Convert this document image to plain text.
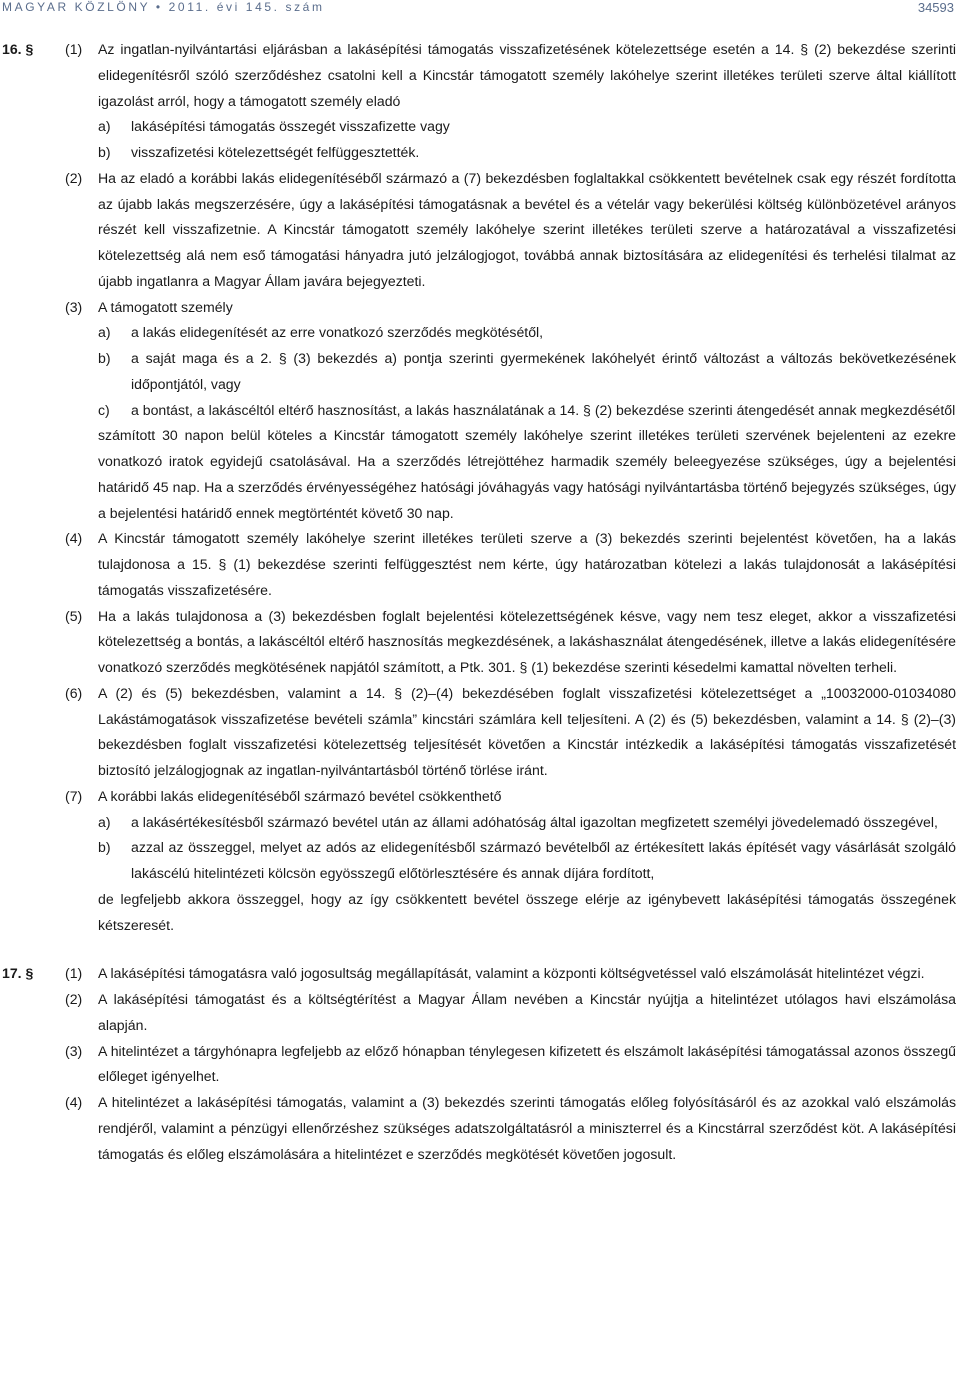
MAGYAR KÖZLÖNY • 2011. évi 145. szám	34593
16. § (1) Az ingatlan-nyilvántartási eljárásban a lakásépítési támogatás visszafizetésének kötelezettsége esetén a 14. § (2) bekezdése szerinti elidegenítésről szóló szerződéshez csatolni kell a Kincstár támogatott személy lakóhelye szerint illetékes területi szerve által kiállított igazolást arról, hogy a támogatott személy eladó
a) lakásépítési támogatás összegét visszafizette vagy
b) visszafizetési kötelezettségét felfüggesztették.
(2) Ha az eladó a korábbi lakás elidegenítéséből származó a (7) bekezdésben foglaltakkal csökkentett bevételnek csak egy részét fordította az újabb lakás megszerzésére, úgy a lakásépítési támogatásnak a bevétel és a vételár vagy bekerülési költség különbözetével arányos részét kell visszafizetnie. A Kincstár támogatott személy lakóhelye szerint illetékes területi szerve a határozatával a visszafizetési kötelezettség alá nem eső támogatási hányadra jutó jelzálogjogot, továbbá annak biztosítására az elidegenítési és terhelési tilalmat az újabb ingatlanra a Magyar Állam javára bejegyezteti.
(3) A támogatott személy
a) a lakás elidegenítését az erre vonatkozó szerződés megkötésétől,
b) a saját maga és a 2. § (3) bekezdés a) pontja szerinti gyermekének lakóhelyét érintő változást a változás bekövetkezésének időpontjától, vagy
c) a bontást, a lakáscéltól eltérő hasznosítást, a lakás használatának a 14. § (2) bekezdése szerinti átengedését annak megkezdésétől
számított 30 napon belül köteles a Kincstár támogatott személy lakóhelye szerint illetékes területi szervének bejelenteni az ezekre vonatkozó iratok egyidejű csatolásával. Ha a szerződés létrejöttéhez harmadik személy beleegyezése szükséges, úgy a bejelentési határidő 45 nap. Ha a szerződés érvényességéhez hatósági jóváhagyás vagy hatósági nyilvántartásba történő bejegyzés szükséges, úgy a bejelentési határidő ennek megtörténtét követő 30 nap.
(4) A Kincstár támogatott személy lakóhelye szerint illetékes területi szerve a (3) bekezdés szerinti bejelentést követően, ha a lakás tulajdonosa a 15. § (1) bekezdése szerinti felfüggesztést nem kérte, úgy határozatban kötelezi a lakás tulajdonosát a lakásépítési támogatás visszafizetésére.
(5) Ha a lakás tulajdonosa a (3) bekezdésben foglalt bejelentési kötelezettségének késve, vagy nem tesz eleget, akkor a visszafizetési kötelezettség a bontás, a lakáscéltól eltérő hasznosítás megkezdésének, a lakáshasználat átengedésének, illetve a lakás elidegenítésére vonatkozó szerződés megkötésének napjától számított, a Ptk. 301. § (1) bekezdése szerinti késedelmi kamattal növelten terheli.
(6) A (2) és (5) bekezdésben, valamint a 14. § (2)–(4) bekezdésében foglalt visszafizetési kötelezettséget a „10032000-01034080 Lakástámogatások visszafizetése bevételi számla” kincstári számlára kell teljesíteni. A (2) és (5) bekezdésben, valamint a 14. § (2)–(3) bekezdésben foglalt visszafizetési kötelezettség teljesítését követően a Kincstár intézkedik a lakásépítési támogatás visszafizetését biztosító jelzálogjognak az ingatlan-nyilvántartásból történő törlése iránt.
(7) A korábbi lakás elidegenítéséből származó bevétel csökkenthető
a) a lakásértékesítésből származó bevétel után az állami adóhatóság által igazoltan megfizetett személyi jövedelemadó összegével,
b) azzal az összeggel, melyet az adós az elidegenítésből származó bevételből az értékesített lakás építését vagy vásárlását szolgáló lakáscélú hitelintézeti kölcsön egyösszegű előtörlesztésére és annak díjára fordított,
de legfeljebb akkora összeggel, hogy az így csökkentett bevétel összege elérje az igénybevett lakásépítési támogatás összegének kétszeresét.
17. § (1) A lakásépítési támogatásra való jogosultság megállapítását, valamint a központi költségvetéssel való elszámolását hitelintézet végzi.
(2) A lakásépítési támogatást és a költségtérítést a Magyar Állam nevében a Kincstár nyújtja a hitelintézet utólagos havi elszámolása alapján.
(3) A hitelintézet a tárgyhónapra legfeljebb az előző hónapban ténylegesen kifizetett és elszámolt lakásépítési támogatással azonos összegű előleget igényelhet.
(4) A hitelintézet a lakásépítési támogatás, valamint a (3) bekezdés szerinti támogatás előleg folyósításáról és az azokkal való elszámolás rendjéről, valamint a pénzügyi ellenőrzéshez szükséges adatszolgáltatásról a miniszterrel és a Kincstárral szerződést köt. A lakásépítési támogatás és előleg elszámolására a hitelintézet e szerződés megkötését követően jogosult.
